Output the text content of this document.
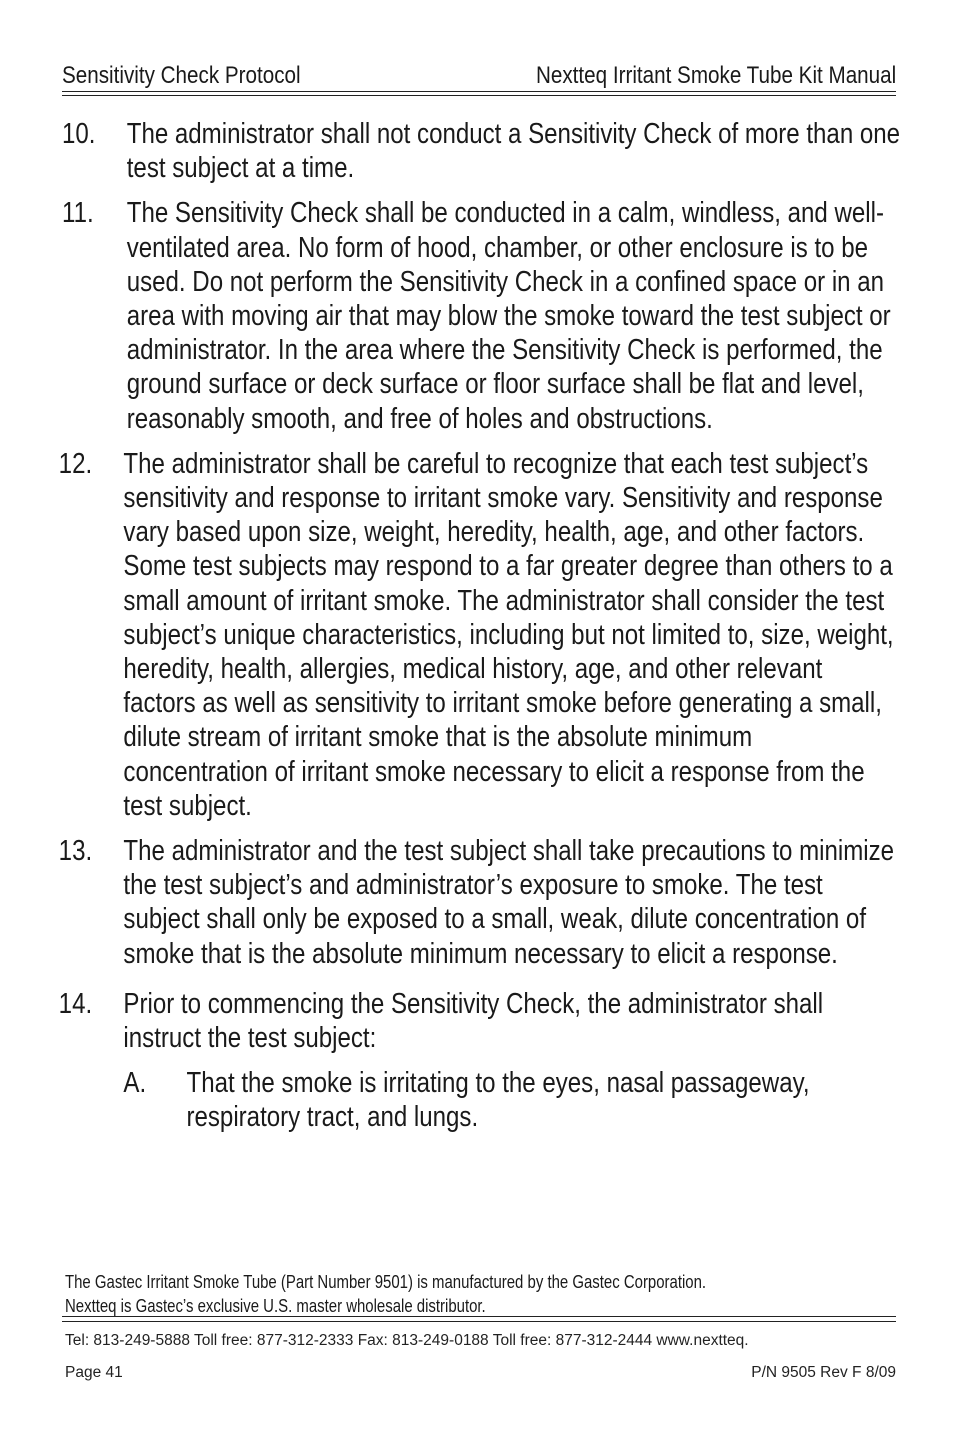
Sensitivity Check Protocol	Nextteq Irritant Smoke Tube Kit Manual
10.	The administrator shall not conduct a Sensitivity Check of more than one test subject at a time.
11.	The Sensitivity Check shall be conducted in a calm, windless, and well-ventilated area. No form of hood, chamber, or other enclosure is to be used. Do not perform the Sensitivity Check in a confined space or in an area with moving air that may blow the smoke toward the test subject or administrator. In the area where the Sensitivity Check is performed, the ground surface or deck surface or floor surface shall be flat and level, reasonably smooth, and free of holes and obstructions.
12.	The administrator shall be careful to recognize that each test subject’s sensitivity and response to irritant smoke vary. Sensitivity and response vary based upon size, weight, heredity, health, age, and other factors. Some test subjects may respond to a far greater degree than others to a small amount of irritant smoke. The administrator shall consider the test subject’s unique characteristics, including but not limited to, size, weight, heredity, health, allergies, medical history, age, and other relevant factors as well as sensitivity to irritant smoke before generating a small, dilute stream of irritant smoke that is the absolute minimum concentration of irritant smoke necessary to elicit a response from the test subject.
13.	The administrator and the test subject shall take precautions to minimize the test subject’s and administrator’s exposure to smoke. The test subject shall only be exposed to a small, weak, dilute concentration of smoke that is the absolute minimum necessary to elicit a response.
14.	Prior to commencing the Sensitivity Check, the administrator shall instruct the test subject:
A.	That the smoke is irritating to the eyes, nasal passageway, respiratory tract, and lungs.
The Gastec Irritant Smoke Tube (Part Number 9501) is manufactured by the Gastec Corporation.
Nextteq is Gastec’s exclusive U.S. master wholesale distributor.
Tel: 813-249-5888 Toll free: 877-312-2333 Fax: 813-249-0188 Toll free: 877-312-2444 www.nextteq.
Page 41	P/N 9505 Rev F 8/09
